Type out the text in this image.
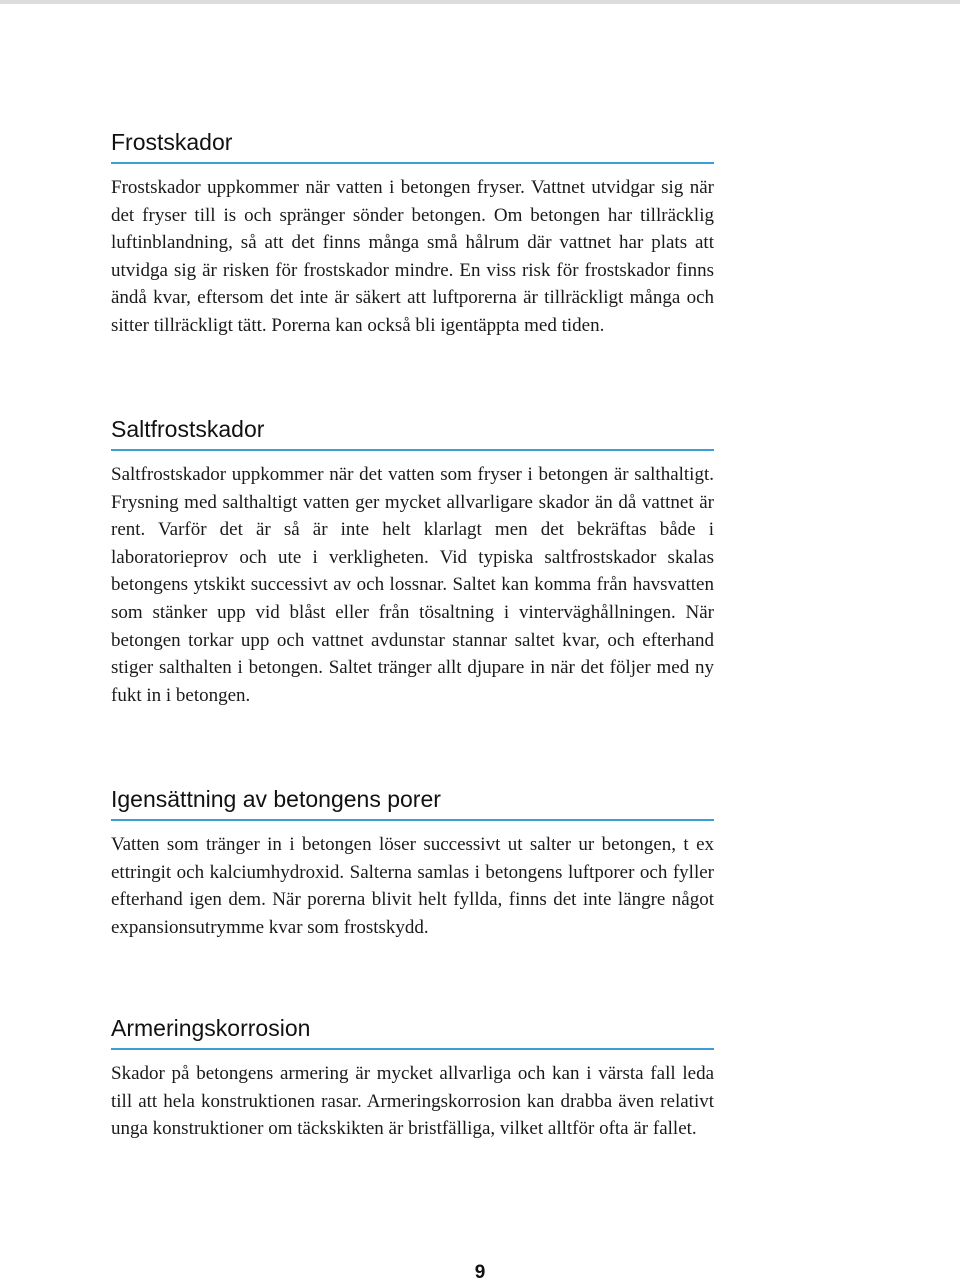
Frostskador

Frostskador uppkommer när vatten i betongen fryser. Vattnet utvidgar sig när det fryser till is och spränger sönder betongen. Om betongen har tillräcklig luftinblandning, så att det finns många små hålrum där vattnet har plats att utvidga sig är risken för frostskador mindre. En viss risk för frostskador finns ändå kvar, eftersom det inte är säkert att luftporerna är tillräckligt många och sitter tillräckligt tätt. Porerna kan också bli igentäppta med tiden.

Saltfrostskador

Saltfrostskador uppkommer när det vatten som fryser i betongen är salthaltigt. Frysning med salthaltigt vatten ger mycket allvarligare skador än då vattnet är rent. Varför det är så är inte helt klarlagt men det bekräftas både i laboratorieprov och ute i verkligheten. Vid typiska saltfrostskador skalas betongens ytskikt successivt av och lossnar. Saltet kan komma från havsvatten som stänker upp vid blåst eller från tösaltning i vinterväghållningen. När betongen torkar upp och vattnet avdunstar stannar saltet kvar, och efterhand stiger salthalten i betongen. Saltet tränger allt djupare in när det följer med ny fukt in i betongen.

Igensättning av betongens porer

Vatten som tränger in i betongen löser successivt ut salter ur betongen, t ex ettringit och kalciumhydroxid. Salterna samlas i betongens luftporer och fyller efterhand igen dem. När porerna blivit helt fyllda, finns det inte längre något expansionsutrymme kvar som frostskydd.

Armeringskorrosion

Skador på betongens armering är mycket allvarliga och kan i värsta fall leda till att hela konstruktionen rasar. Armeringskorrosion kan drabba även relativt unga konstruktioner om täckskikten är bristfälliga, vilket alltför ofta är fallet.

9
